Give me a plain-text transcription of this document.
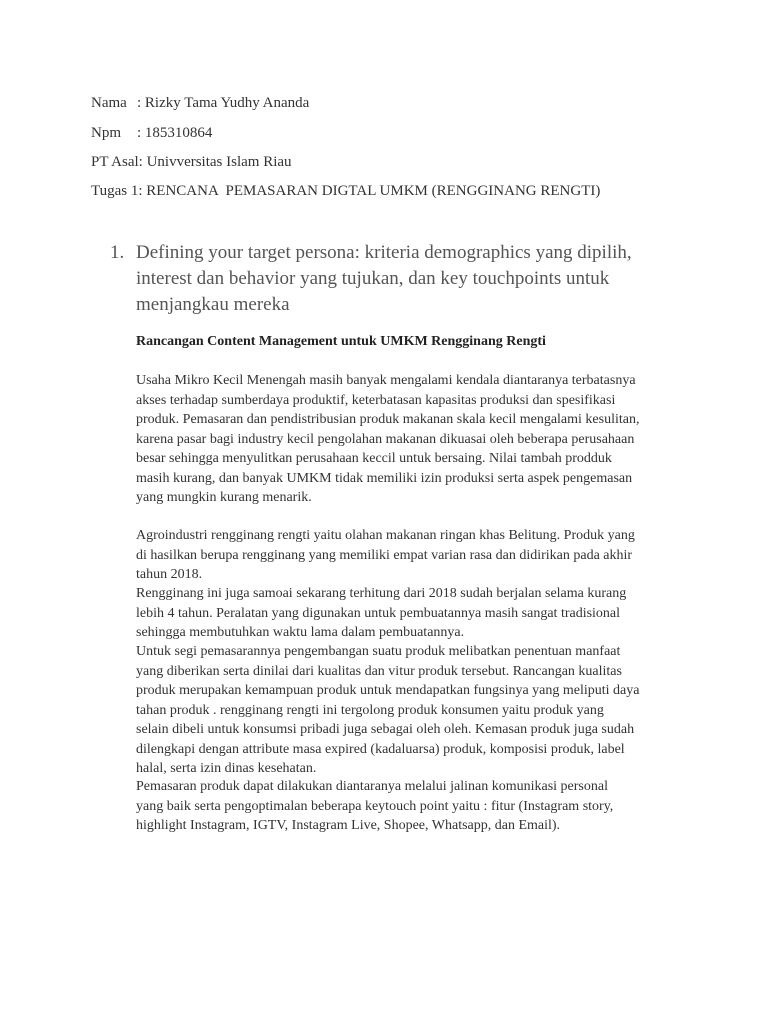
Nama : Rizky Tama Yudhy Ananda
Npm : 185310864
PT Asal: Univversitas Islam Riau
Tugas 1: RENCANA  PEMASARAN DIGTAL UMKM (RENGGINANG RENGTI)
1. Defining your target persona: kriteria demographics yang dipilih,
interest dan behavior yang tujukan, dan key touchpoints untuk
menjangkau mereka
Rancangan Content Management untuk UMKM Rengginang Rengti
Usaha Mikro Kecil Menengah masih banyak mengalami kendala diantaranya terbatasnya
akses terhadap sumberdaya produktif, keterbatasan kapasitas produksi dan spesifikasi
produk. Pemasaran dan pendistribusian produk makanan skala kecil mengalami kesulitan,
karena pasar bagi industry kecil pengolahan makanan dikuasai oleh beberapa perusahaan
besar sehingga menyulitkan perusahaan keccil untuk bersaing. Nilai tambah prodduk
masih kurang, dan banyak UMKM tidak memiliki izin produksi serta aspek pengemasan
yang mungkin kurang menarik.
Agroindustri rengginang rengti yaitu olahan makanan ringan khas Belitung. Produk yang
di hasilkan berupa rengginang yang memiliki empat varian rasa dan didirikan pada akhir
tahun 2018.
Rengginang ini juga samoai sekarang terhitung dari 2018 sudah berjalan selama kurang
lebih 4 tahun. Peralatan yang digunakan untuk pembuatannya masih sangat tradisional
sehingga membutuhkan waktu lama dalam pembuatannya.
Untuk segi pemasarannya pengembangan suatu produk melibatkan penentuan manfaat
yang diberikan serta dinilai dari kualitas dan vitur produk tersebut. Rancangan kualitas
produk merupakan kemampuan produk untuk mendapatkan fungsinya yang meliputi daya
tahan produk . rengginang rengti ini tergolong produk konsumen yaitu produk yang
selain dibeli untuk konsumsi pribadi juga sebagai oleh oleh. Kemasan produk juga sudah
dilengkapi dengan attribute masa expired (kadaluarsa) produk, komposisi produk, label
halal, serta izin dinas kesehatan.
Pemasaran produk dapat dilakukan diantaranya melalui jalinan komunikasi personal
yang baik serta pengoptimalan beberapa keytouch point yaitu : fitur (Instagram story,
highlight Instagram, IGTV, Instagram Live, Shopee, Whatsapp, dan Email).
